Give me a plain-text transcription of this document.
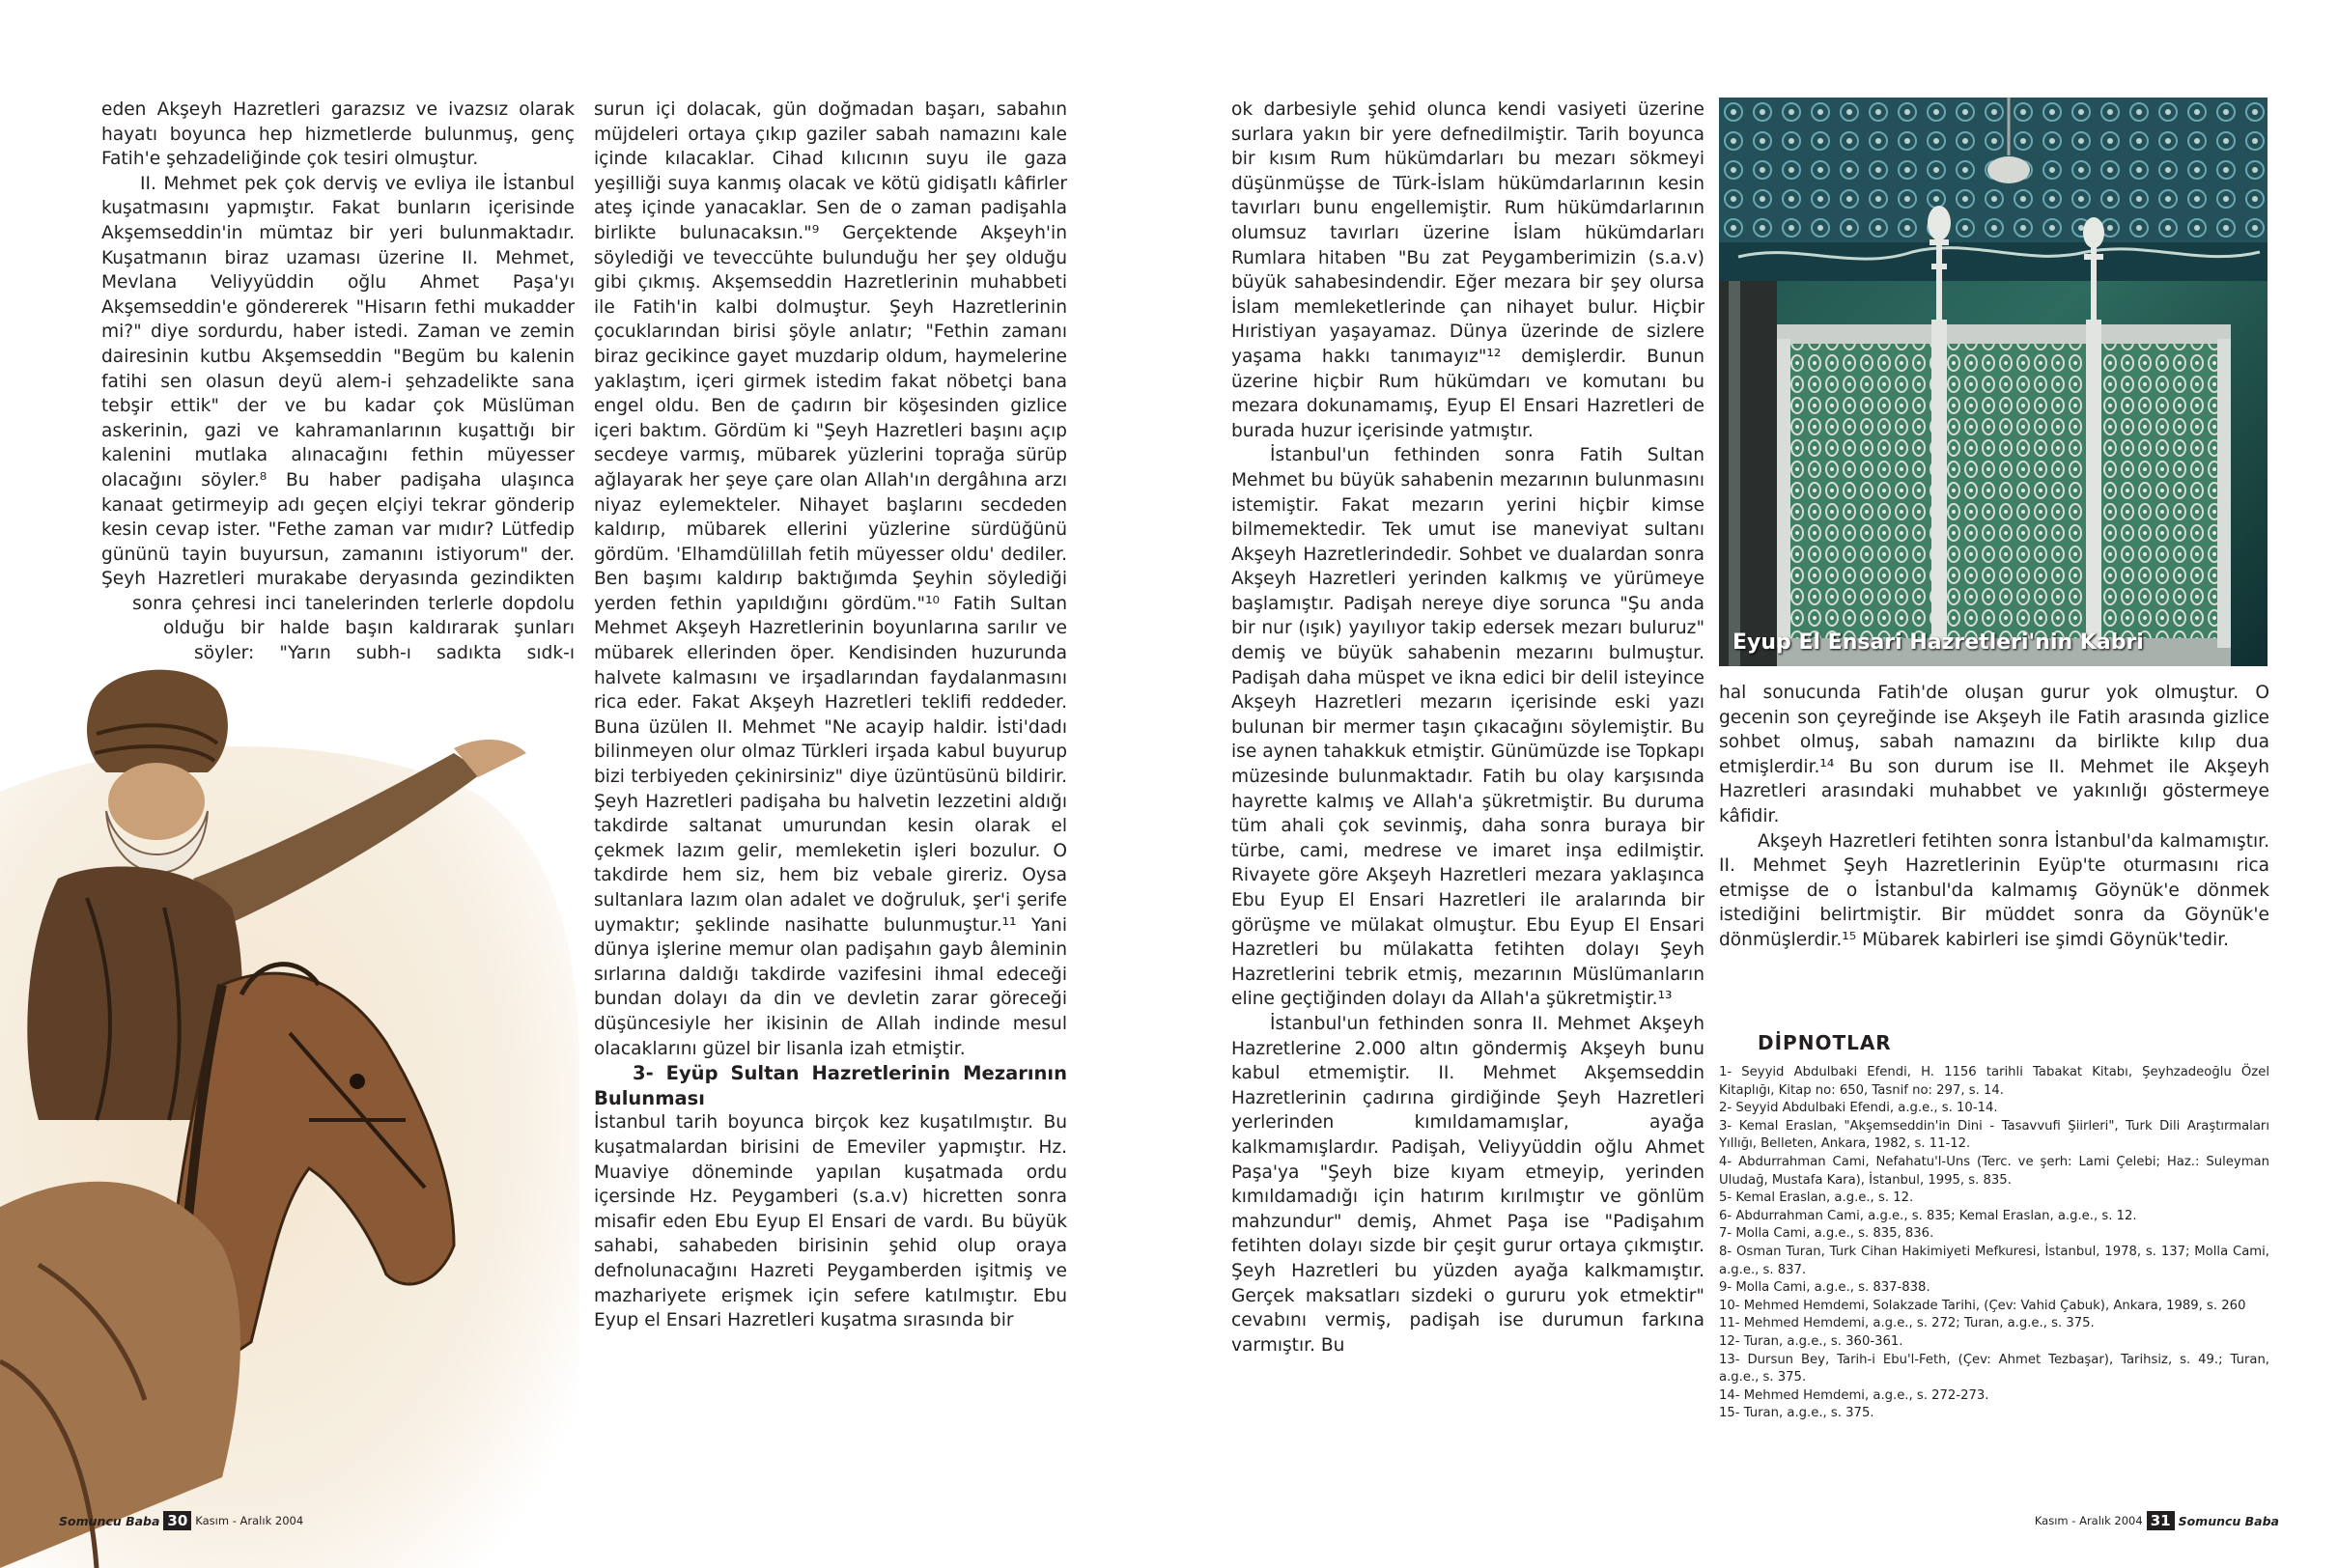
eden Akşeyh Hazretleri garazsız ve ivazsız olarak hayatı boyunca hep hizmetlerde bulunmuş, genç Fatih'e şehzadeliğinde çok tesiri olmuştur.

II. Mehmet pek çok derviş ve evliya ile İstanbul kuşatmasını yapmıştır. Fakat bunların içerisinde Akşemseddin'in mümtaz bir yeri bulunmaktadır. Kuşatmanın biraz uzaması üzerine II. Mehmet, Mevlana Veliyyüddin oğlu Ahmet Paşa'yı Akşemseddin'e göndererek "Hisarın fethi mukadder mi?" diye sordurdu, haber istedi. Zaman ve zemin dairesinin kutbu Akşemseddin "Begüm bu kalenin fatihi sen olasun deyü alem-i şehzadelikte sana tebşir ettik" der ve bu kadar çok Müslüman askerinin, gazi ve kahramanlarının kuşattığı bir kalenini mutlaka alınacağını fethin müyesser olacağını söyler.⁸ Bu haber padişaha ulaşınca kanaat getirmeyip adı geçen elçiyi tekrar gönderip kesin cevap ister. "Fethe zaman var mıdır? Lütfedip gününü tayin buyursun, zamanını istiyorum" der. Şeyh Hazretleri murakabe deryasında gezindikten sonra çehresi inci tanelerinden terlerle dopdolu olduğu bir halde başın kaldırarak şunları söyler: "Yarın subh-ı sadıkta sıdk-ı

surun içi dolacak, gün doğmadan başarı, sabahın müjdeleri ortaya çıkıp gaziler sabah namazını kale içinde kılacaklar. Cihad kılıcının suyu ile gaza yeşilliği suya kanmış olacak ve kötü gidişatlı kâfirler ateş içinde yanacaklar. Sen de o zaman padişahla birlikte bulunacaksın."⁹ Gerçektende Akşeyh'in söylediği ve teveccühte bulunduğu her şey olduğu gibi çıkmış. Akşemseddin Hazretlerinin muhabbeti ile Fatih'in kalbi dolmuştur. Şeyh Hazretlerinin çocuklarından birisi şöyle anlatır; "Fethin zamanı biraz gecikince gayet muzdarip oldum, haymelerine yaklaştım, içeri girmek istedim fakat nöbetçi bana engel oldu. Ben de çadırın bir köşesinden gizlice içeri baktım. Gördüm ki "Şeyh Hazretleri başını açıp secdeye varmış, mübarek yüzlerini toprağa sürüp ağlayarak her şeye çare olan Allah'ın dergâhına arzı niyaz eylemekteler. Nihayet başlarını secdeden kaldırıp, mübarek ellerini yüzlerine sürdüğünü gördüm. 'Elhamdülillah fetih müyesser oldu' dediler. Ben başımı kaldırıp baktığımda Şeyhin söylediği yerden fethin yapıldığını gördüm."¹⁰ Fatih Sultan Mehmet Akşeyh Hazretlerinin boyunlarına sarılır ve mübarek ellerinden öper. Kendisinden huzurunda halvete kalmasını ve irşadlarından faydalanmasını rica eder. Fakat Akşeyh Hazretleri teklifi reddeder. Buna üzülen II. Mehmet "Ne acayip haldir. İsti'dadı bilinmeyen olur olmaz Türkleri irşada kabul buyurup bizi terbiyeden çekinirsiniz" diye üzüntüsünü bildirir. Şeyh Hazretleri padişaha bu halvetin lezzetini aldığı takdirde saltanat umurundan kesin olarak el çekmek lazım gelir, memleketin işleri bozulur. O takdirde hem siz, hem biz vebale gireriz. Oysa sultanlara lazım olan adalet ve doğruluk, şer'i şerife uymaktır; şeklinde nasihatte bulunmuştur.¹¹ Yani dünya işlerine memur olan padişahın gayb âleminin sırlarına daldığı takdirde vazifesini ihmal edeceği bundan dolayı da din ve devletin zarar göreceği düşüncesiyle her ikisinin de Allah indinde mesul olacaklarını güzel bir lisanla izah etmiştir.

3- Eyüp Sultan Hazretlerinin Mezarının Bulunması

İstanbul tarih boyunca birçok kez kuşatılmıştır. Bu kuşatmalardan birisini de Emeviler yapmıştır. Hz. Muaviye döneminde yapılan kuşatmada ordu içersinde Hz. Peygamberi (s.a.v) hicretten sonra misafir eden Ebu Eyup El Ensari de vardı. Bu büyük sahabi, sahabeden birisinin şehid olup oraya defnolunacağını Hazreti Peygamberden işitmiş ve mazhariyete erişmek için sefere katılmıştır. Ebu Eyup el Ensari Hazretleri kuşatma sırasında bir

Somuncu Baba 30 Kasım - Aralık 2004

ok darbesiyle şehid olunca kendi vasiyeti üzerine surlara yakın bir yere defnedilmiştir. Tarih boyunca bir kısım Rum hükümdarları bu mezarı sökmeyi düşünmüşse de Türk-İslam hükümdarlarının kesin tavırları bunu engellemiştir. Rum hükümdarlarının olumsuz tavırları üzerine İslam hükümdarları Rumlara hitaben "Bu zat Peygamberimizin (s.a.v) büyük sahabesindendir. Eğer mezara bir şey olursa İslam memleketlerinde çan nihayet bulur. Hiçbir Hıristiyan yaşayamaz. Dünya üzerinde de sizlere yaşama hakkı tanımayız"¹² demişlerdir. Bunun üzerine hiçbir Rum hükümdarı ve komutanı bu mezara dokunamamış, Eyup El Ensari Hazretleri de burada huzur içerisinde yatmıştır.

İstanbul'un fethinden sonra Fatih Sultan Mehmet bu büyük sahabenin mezarının bulunmasını istemiştir. Fakat mezarın yerini hiçbir kimse bilmemektedir. Tek umut ise maneviyat sultanı Akşeyh Hazretlerindedir. Sohbet ve dualardan sonra Akşeyh Hazretleri yerinden kalkmış ve yürümeye başlamıştır. Padişah nereye diye sorunca "Şu anda bir nur (ışık) yayılıyor takip edersek mezarı buluruz" demiş ve büyük sahabenin mezarını bulmuştur. Padişah daha müspet ve ikna edici bir delil isteyince Akşeyh Hazretleri mezarın içerisinde eski yazı bulunan bir mermer taşın çıkacağını söylemiştir. Bu ise aynen tahakkuk etmiştir. Günümüzde ise Topkapı müzesinde bulunmaktadır. Fatih bu olay karşısında hayrette kalmış ve Allah'a şükretmiştir. Bu duruma tüm ahali çok sevinmiş, daha sonra buraya bir türbe, cami, medrese ve imaret inşa edilmiştir. Rivayete göre Akşeyh Hazretleri mezara yaklaşınca Ebu Eyup El Ensari Hazretleri ile aralarında bir görüşme ve mülakat olmuştur. Ebu Eyup El Ensari Hazretleri bu mülakatta fetihten dolayı Şeyh Hazretlerini tebrik etmiş, mezarının Müslümanların eline geçtiğinden dolayı da Allah'a şükretmiştir.¹³

İstanbul'un fethinden sonra II. Mehmet Akşeyh Hazretlerine 2.000 altın göndermiş Akşeyh bunu kabul etmemiştir. II. Mehmet Akşemseddin Hazretlerinin çadırına girdiğinde Şeyh Hazretleri yerlerinden kımıldamamışlar, ayağa kalkmamışlardır. Padişah, Veliyyüddin oğlu Ahmet Paşa'ya "Şeyh bize kıyam etmeyip, yerinden kımıldamadığı için hatırım kırılmıştır ve gönlüm mahzundur" demiş, Ahmet Paşa ise "Padişahım fetihten dolayı sizde bir çeşit gurur ortaya çıkmıştır. Şeyh Hazretleri bu yüzden ayağa kalkmamıştır. Gerçek maksatları sizdeki o gururu yok etmektir" cevabını vermiş, padişah ise durumun farkına varmıştır. Bu

Eyup El Ensari Hazretleri'nin Kabri

hal sonucunda Fatih'de oluşan gurur yok olmuştur. O gecenin son çeyreğinde ise Akşeyh ile Fatih arasında gizlice sohbet olmuş, sabah namazını da birlikte kılıp dua etmişlerdir.¹⁴ Bu son durum ise II. Mehmet ile Akşeyh Hazretleri arasındaki muhabbet ve yakınlığı göstermeye kâfidir.

Akşeyh Hazretleri fetihten sonra İstanbul'da kalmamıştır. II. Mehmet Şeyh Hazretlerinin Eyüp'te oturmasını rica etmişse de o İstanbul'da kalmamış Göynük'e dönmek istediğini belirtmiştir. Bir müddet sonra da Göynük'e dönmüşlerdir.¹⁵ Mübarek kabirleri ise şimdi Göynük'tedir.

DİPNOTLAR
1- Seyyid Abdulbaki Efendi, H. 1156 tarihli Tabakat Kitabı, Şeyhzadeoğlu Özel Kitaplığı, Kitap no: 650, Tasnif no: 297, s. 14.
2- Seyyid Abdulbaki Efendi, a.g.e., s. 10-14.
3- Kemal Eraslan, "Akşemseddin'in Dini - Tasavvufi Şiirleri", Turk Dili Araştırmaları Yıllığı, Belleten, Ankara, 1982, s. 11-12.
4- Abdurrahman Cami, Nefahatu'l-Uns (Terc. ve şerh: Lami Çelebi; Haz.: Suleyman Uludağ, Mustafa Kara), İstanbul, 1995, s. 835.
5- Kemal Eraslan, a.g.e., s. 12.
6- Abdurrahman Cami, a.g.e., s. 835; Kemal Eraslan, a.g.e., s. 12.
7- Molla Cami, a.g.e., s. 835, 836.
8- Osman Turan, Turk Cihan Hakimiyeti Mefkuresi, İstanbul, 1978, s. 137; Molla Cami, a.g.e., s. 837.
9- Molla Cami, a.g.e., s. 837-838.
10- Mehmed Hemdemi, Solakzade Tarihi, (Çev: Vahid Çabuk), Ankara, 1989, s. 260
11- Mehmed Hemdemi, a.g.e., s. 272; Turan, a.g.e., s. 375.
12- Turan, a.g.e., s. 360-361.
13- Dursun Bey, Tarih-i Ebu'l-Feth, (Çev: Ahmet Tezbaşar), Tarihsiz, s. 49.; Turan, a.g.e., s. 375.
14- Mehmed Hemdemi, a.g.e., s. 272-273.
15- Turan, a.g.e., s. 375.
Kasım - Aralık 2004 31 Somuncu Baba
